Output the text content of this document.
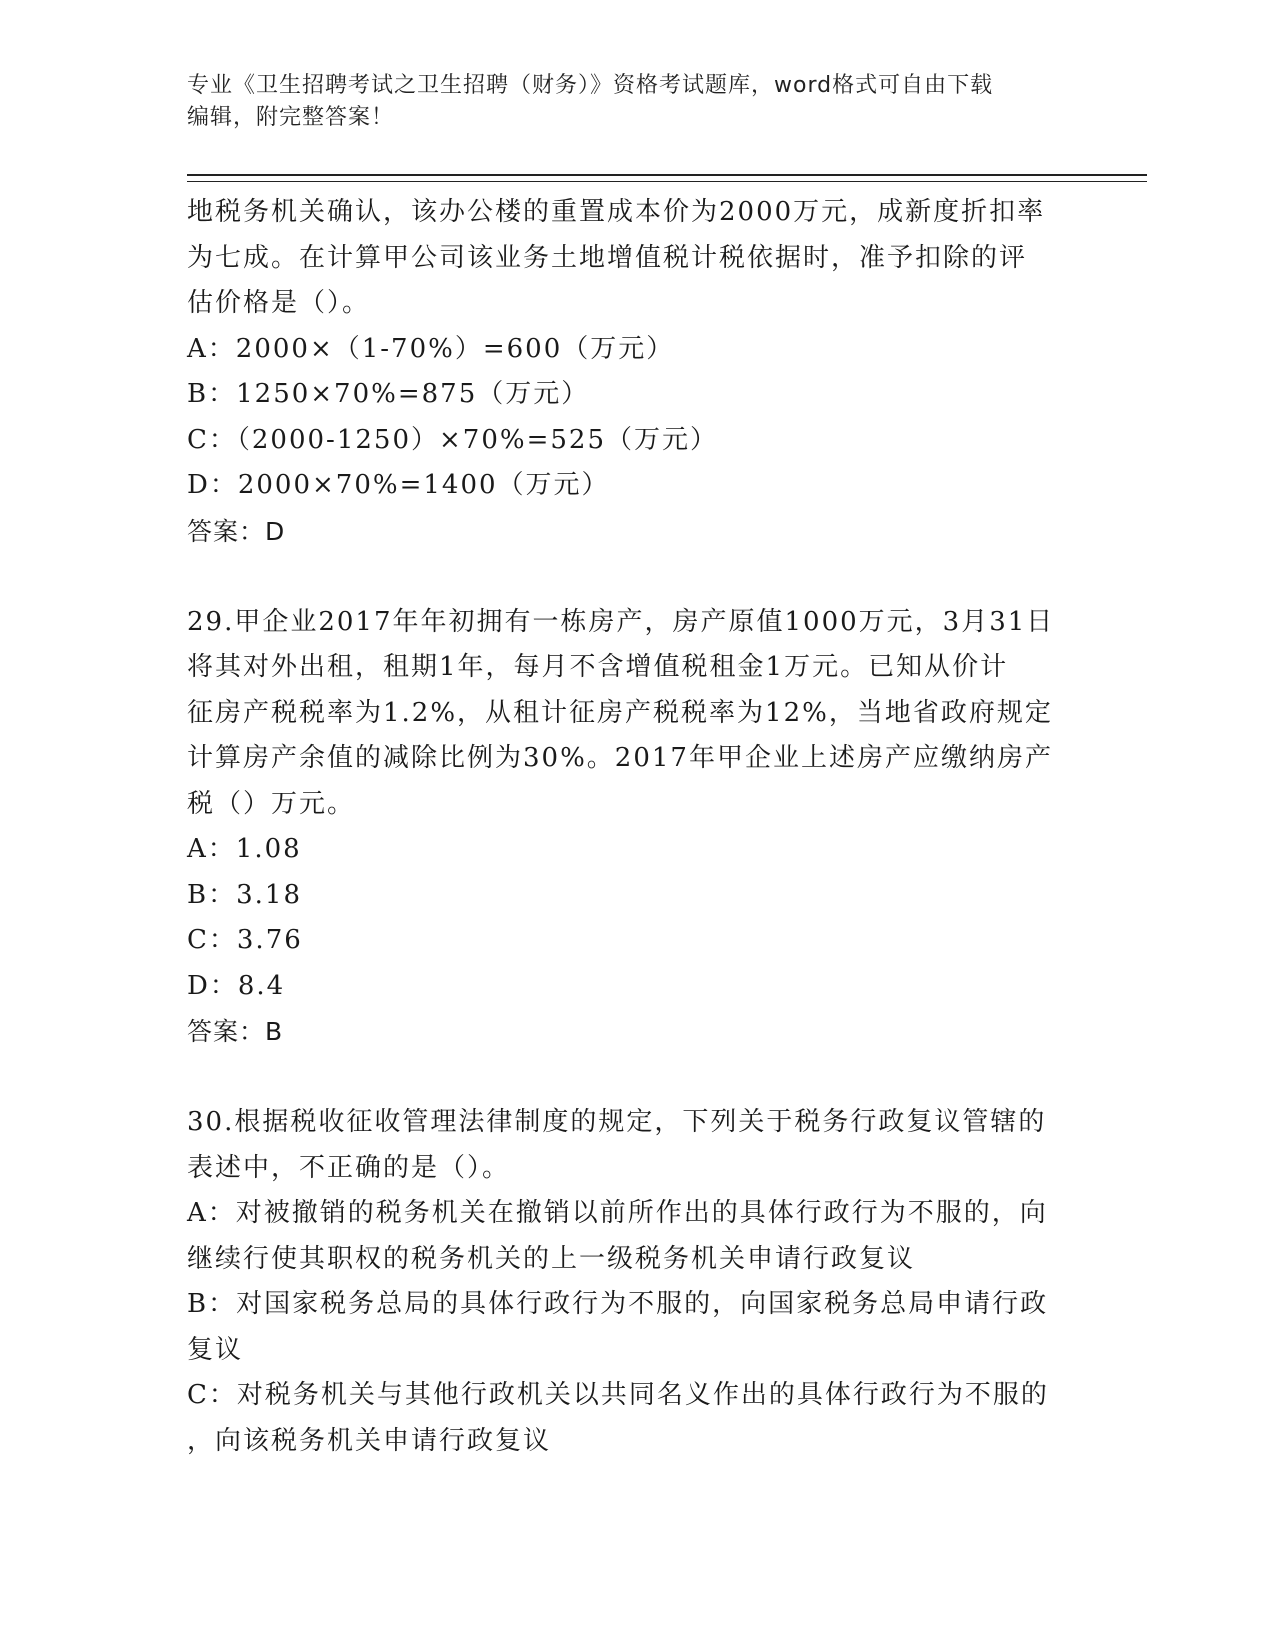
专业《卫生招聘考试之卫生招聘（财务）》资格考试题库，word格式可自由下载
编辑，附完整答案！
地税务机关确认，该办公楼的重置成本价为2000万元，成新度折扣率
为七成。在计算甲公司该业务土地增值税计税依据时，准予扣除的评
估价格是（）。
A：2000×（1-70%）=600（万元）
B：1250×70%=875（万元）
C：（2000-1250）×70%=525（万元）
D：2000×70%=1400（万元）
答案：D
29.甲企业2017年年初拥有一栋房产，房产原值1000万元，3月31日
将其对外出租，租期1年，每月不含增值税租金1万元。已知从价计
征房产税税率为1.2%，从租计征房产税税率为12%，当地省政府规定
计算房产余值的减除比例为30%。2017年甲企业上述房产应缴纳房产
税（）万元。
A：1.08
B：3.18
C：3.76
D：8.4
答案：B
30.根据税收征收管理法律制度的规定，下列关于税务行政复议管辖的
表述中，不正确的是（）。
A：对被撤销的税务机关在撤销以前所作出的具体行政行为不服的，向
继续行使其职权的税务机关的上一级税务机关申请行政复议
B：对国家税务总局的具体行政行为不服的，向国家税务总局申请行政
复议
C：对税务机关与其他行政机关以共同名义作出的具体行政行为不服的
，向该税务机关申请行政复议
